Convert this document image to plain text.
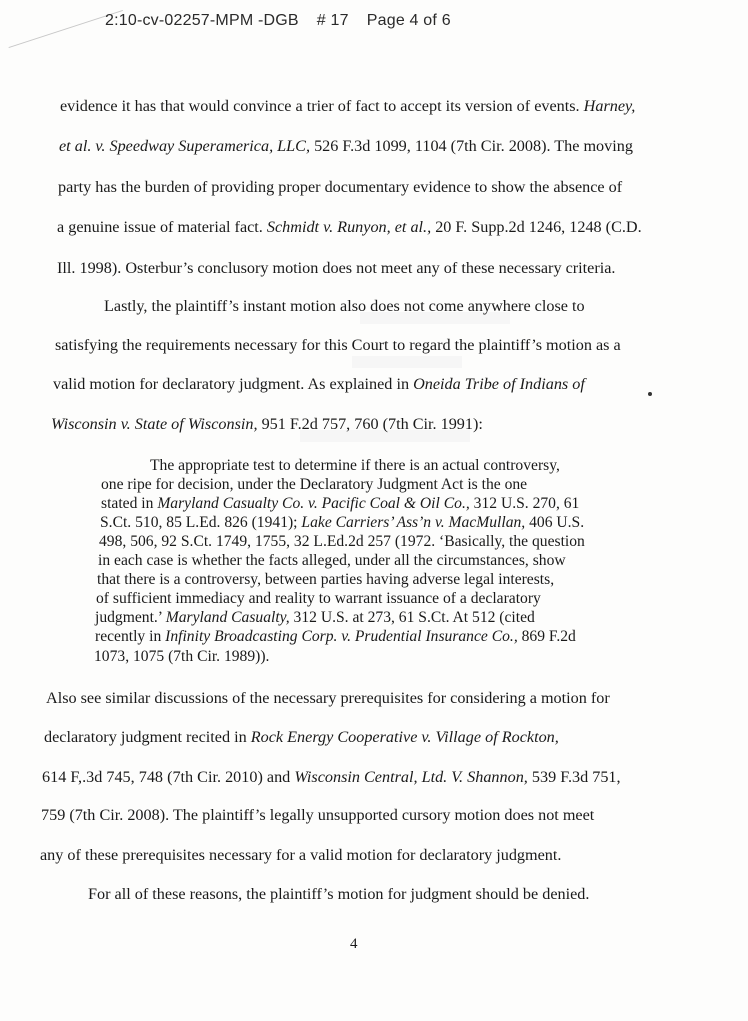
2:10-cv-02257-MPM -DGB # 17 Page 4 of 6
evidence it has that would convince a trier of fact to accept its version of events. Harney,
et al. v. Speedway Superamerica, LLC, 526 F.3d 1099, 1104 (7th Cir. 2008). The moving
party has the burden of providing proper documentary evidence to show the absence of
a genuine issue of material fact. Schmidt v. Runyon, et al., 20 F. Supp.2d 1246, 1248 (C.D.
Ill. 1998). Osterbur’s conclusory motion does not meet any of these necessary criteria.
Lastly, the plaintiff’s instant motion also does not come anywhere close to
satisfying the requirements necessary for this Court to regard the plaintiff’s motion as a
valid motion for declaratory judgment. As explained in Oneida Tribe of Indians of
Wisconsin v. State of Wisconsin, 951 F.2d 757, 760 (7th Cir. 1991):
The appropriate test to determine if there is an actual controversy,
one ripe for decision, under the Declaratory Judgment Act is the one
stated in Maryland Casualty Co. v. Pacific Coal & Oil Co., 312 U.S. 270, 61
S.Ct. 510, 85 L.Ed. 826 (1941); Lake Carriers’ Ass’n v. MacMullan, 406 U.S.
498, 506, 92 S.Ct. 1749, 1755, 32 L.Ed.2d 257 (1972. ‘Basically, the question
in each case is whether the facts alleged, under all the circumstances, show
that there is a controversy, between parties having adverse legal interests,
of sufficient immediacy and reality to warrant issuance of a declaratory
judgment.’ Maryland Casualty, 312 U.S. at 273, 61 S.Ct. At 512 (cited
recently in Infinity Broadcasting Corp. v. Prudential Insurance Co., 869 F.2d
1073, 1075 (7th Cir. 1989)).
Also see similar discussions of the necessary prerequisites for considering a motion for
declaratory judgment recited in Rock Energy Cooperative v. Village of Rockton,
614 F,.3d 745, 748 (7th Cir. 2010) and Wisconsin Central, Ltd. V. Shannon, 539 F.3d 751,
759 (7th Cir. 2008). The plaintiff’s legally unsupported cursory motion does not meet
any of these prerequisites necessary for a valid motion for declaratory judgment.
For all of these reasons, the plaintiff’s motion for judgment should be denied.
4
